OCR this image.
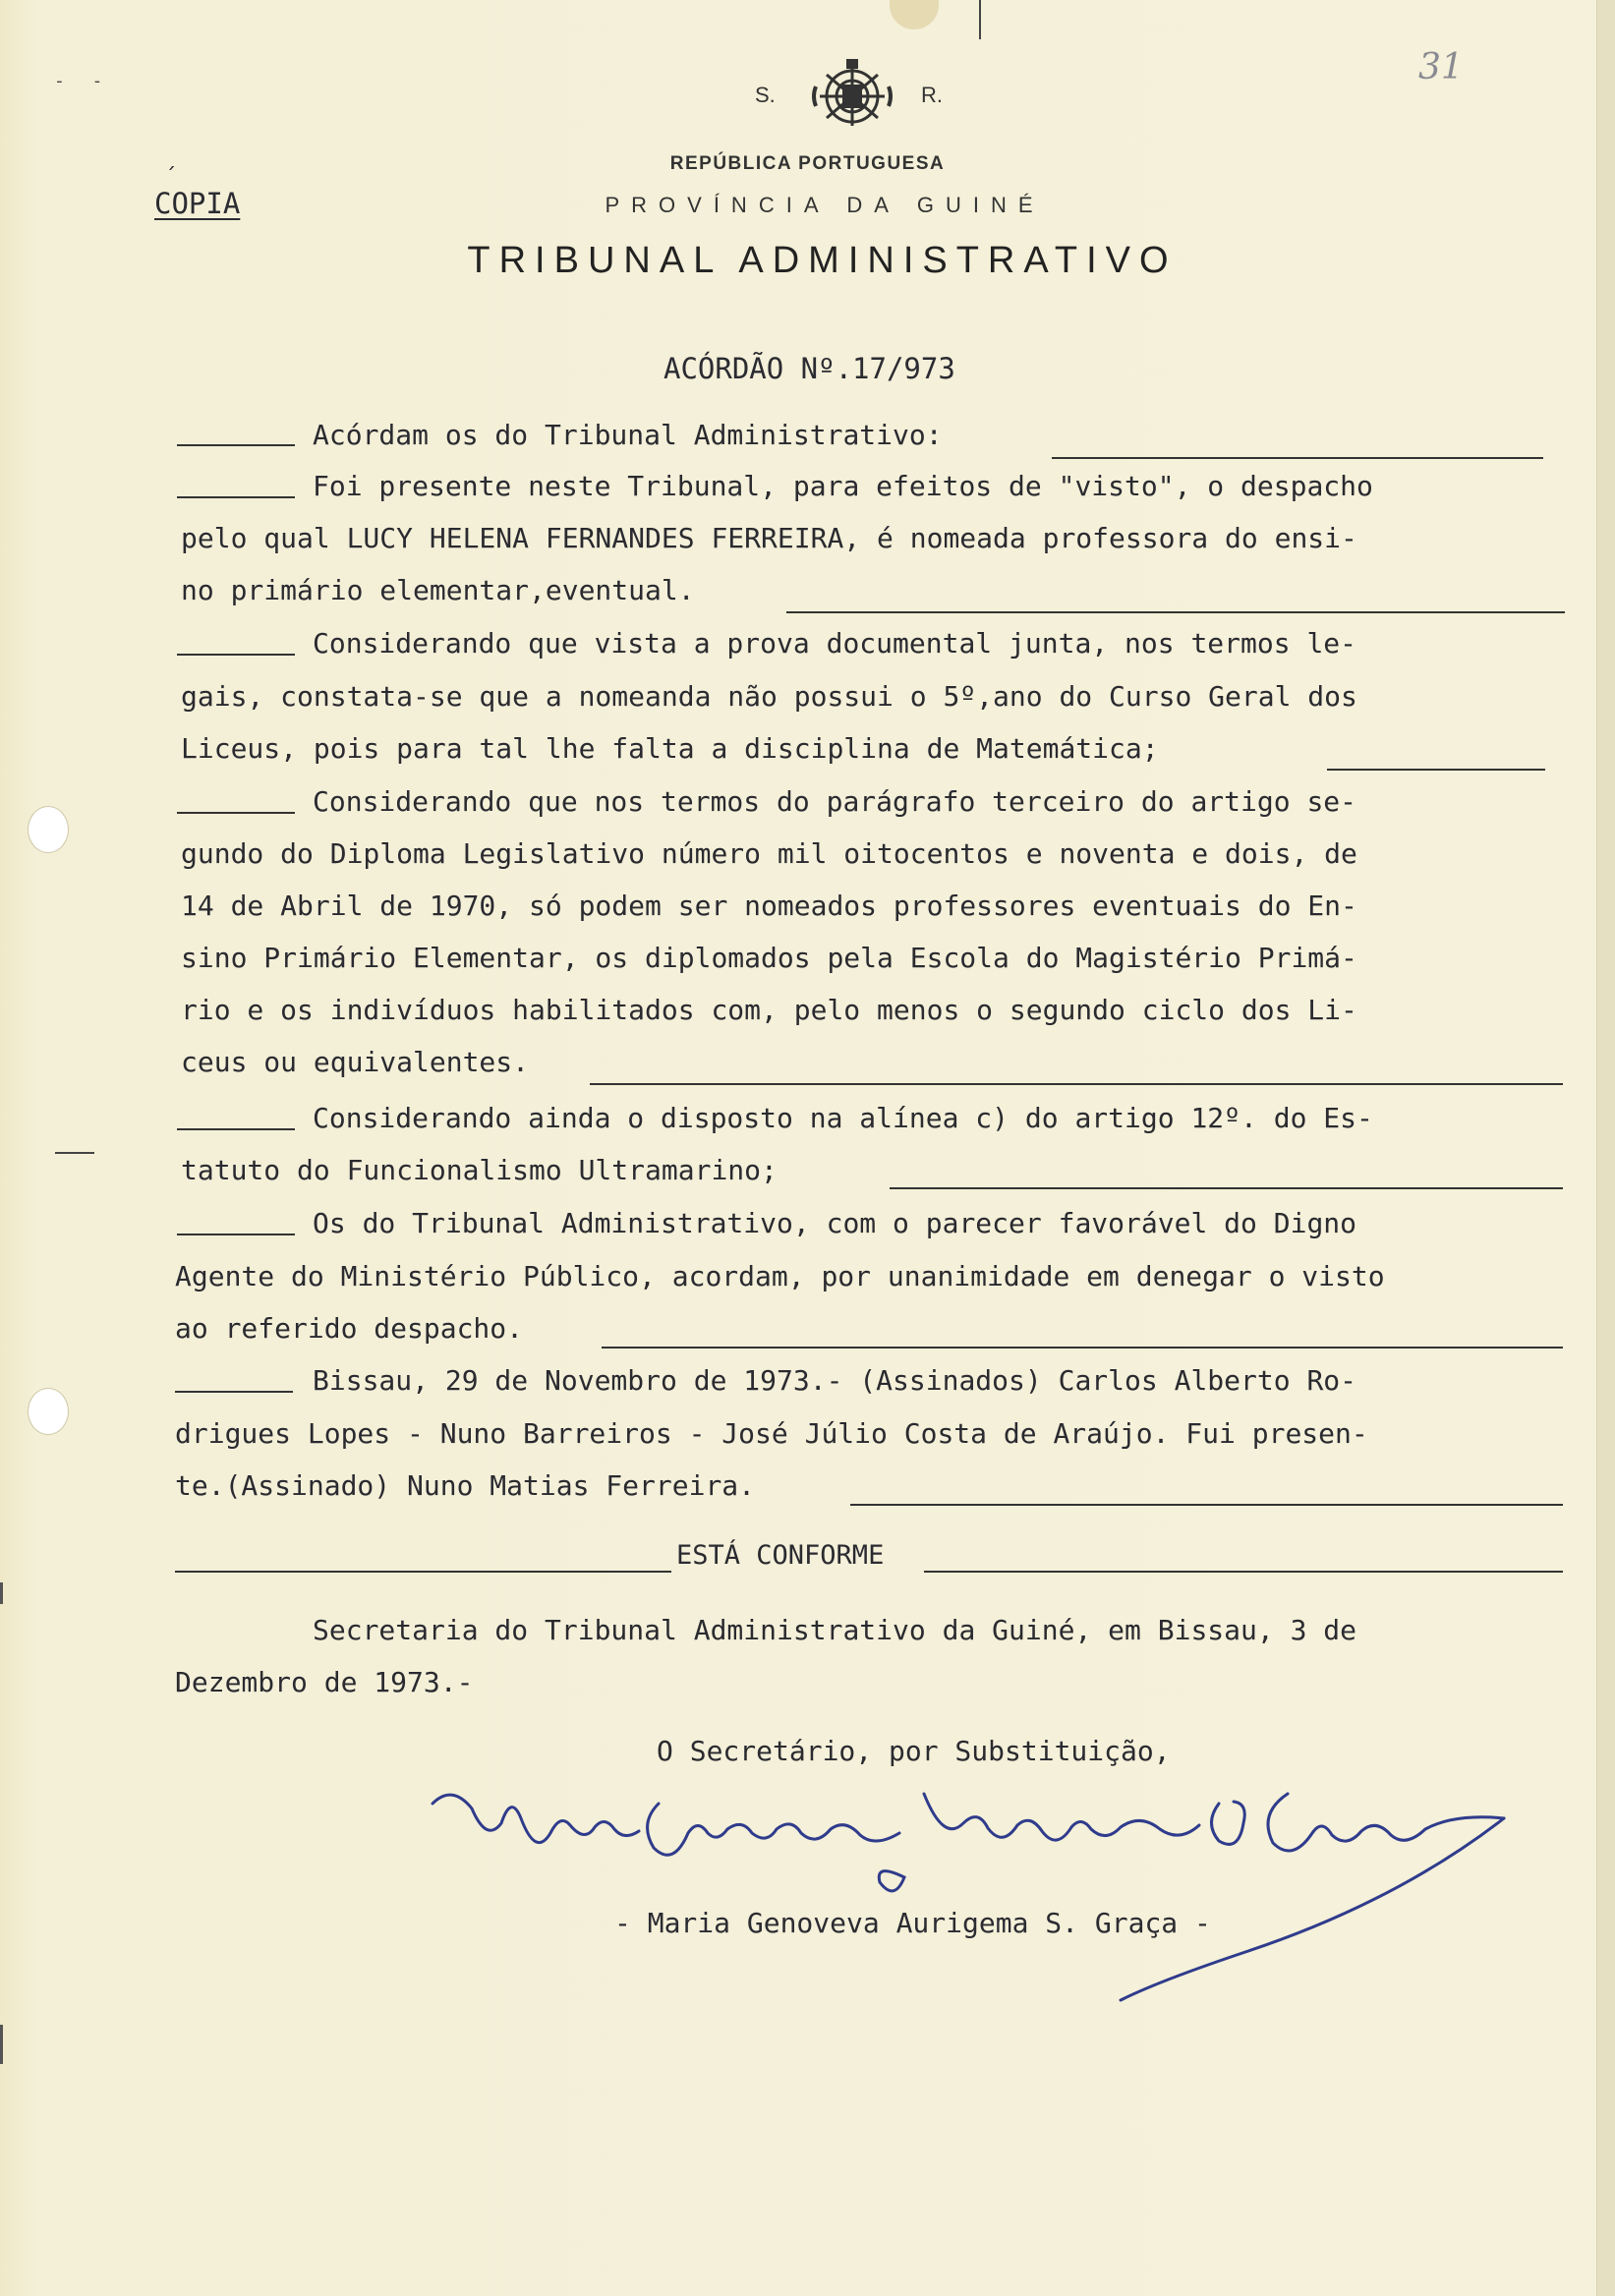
- -	31
´
COPIA
S.	R.
REPÚBLICA PORTUGUESA
PROVÍNCIA DA GUINÉ
TRIBUNAL ADMINISTRATIVO
ACÓRDÃO Nº.17/973
Acórdam os do Tribunal Administrativo:
Foi presente neste Tribunal, para efeitos de "visto", o despacho
pelo qual LUCY HELENA FERNANDES FERREIRA, é nomeada professora do ensi-
no primário elementar,eventual.
Considerando que vista a prova documental junta, nos termos le-
gais, constata-se que a nomeanda não possui o 5º,ano do Curso Geral dos
Liceus, pois para tal lhe falta a disciplina de Matemática;
Considerando que nos termos do parágrafo terceiro do artigo se-
gundo do Diploma Legislativo número mil oitocentos e noventa e dois, de
14 de Abril de 1970, só podem ser nomeados professores eventuais do En-
sino Primário Elementar, os diplomados pela Escola do Magistério Primá-
rio e os indivíduos habilitados com, pelo menos o segundo ciclo dos Li-
ceus ou equivalentes.
Considerando ainda o disposto na alínea c) do artigo 12º. do Es-
tatuto do Funcionalismo Ultramarino;
Os do Tribunal Administrativo, com o parecer favorável do Digno
Agente do Ministério Público, acordam, por unanimidade em denegar o visto
ao referido despacho.
Bissau, 29 de Novembro de 1973.- (Assinados) Carlos Alberto Ro-
drigues Lopes - Nuno Barreiros - José Júlio Costa de Araújo. Fui presen-
te.(Assinado) Nuno Matias Ferreira.
ESTÁ CONFORME
Secretaria do Tribunal Administrativo da Guiné, em Bissau, 3 de
Dezembro de 1973.-
O Secretário, por Substituição,
- Maria Genoveva Aurigema S. Graça -
